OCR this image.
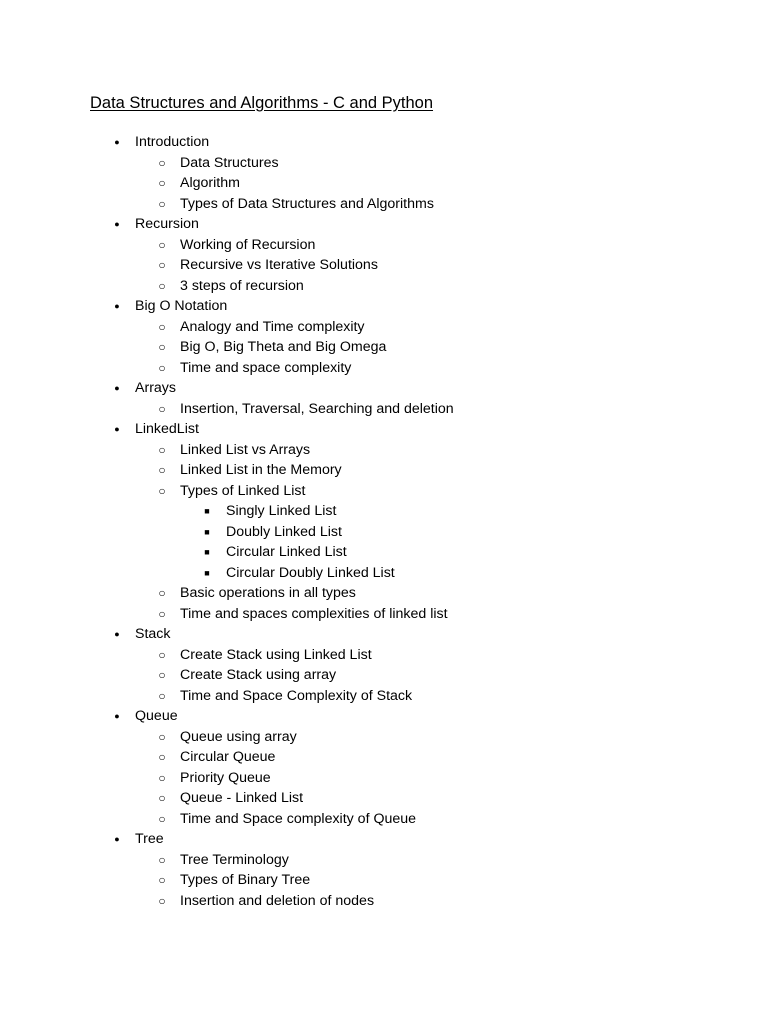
Data Structures and Algorithms - C and Python
●	Introduction
○ Data Structures
○ Algorithm
○ Types of Data Structures and Algorithms
●	Recursion
○ Working of Recursion
○ Recursive vs Iterative Solutions
○ 3 steps of recursion
●	Big O Notation
○ Analogy and Time complexity
○ Big O, Big Theta and Big Omega
○ Time and space complexity
●	Arrays
○ Insertion, Traversal, Searching and deletion
●	LinkedList
○ Linked List vs Arrays
○ Linked List in the Memory
○ Types of Linked List
■	Singly Linked List
■	Doubly Linked List
■	Circular Linked List
■	Circular Doubly Linked List
○ Basic operations in all types
○ Time and spaces complexities of linked list
●	Stack
○ Create Stack using Linked List
○ Create Stack using array
○ Time and Space Complexity of Stack
●	Queue
○ Queue using array
○ Circular Queue
○ Priority Queue
○ Queue - Linked List
○ Time and Space complexity of Queue
●	Tree
○ Tree Terminology
○ Types of Binary Tree
○ Insertion and deletion of nodes
